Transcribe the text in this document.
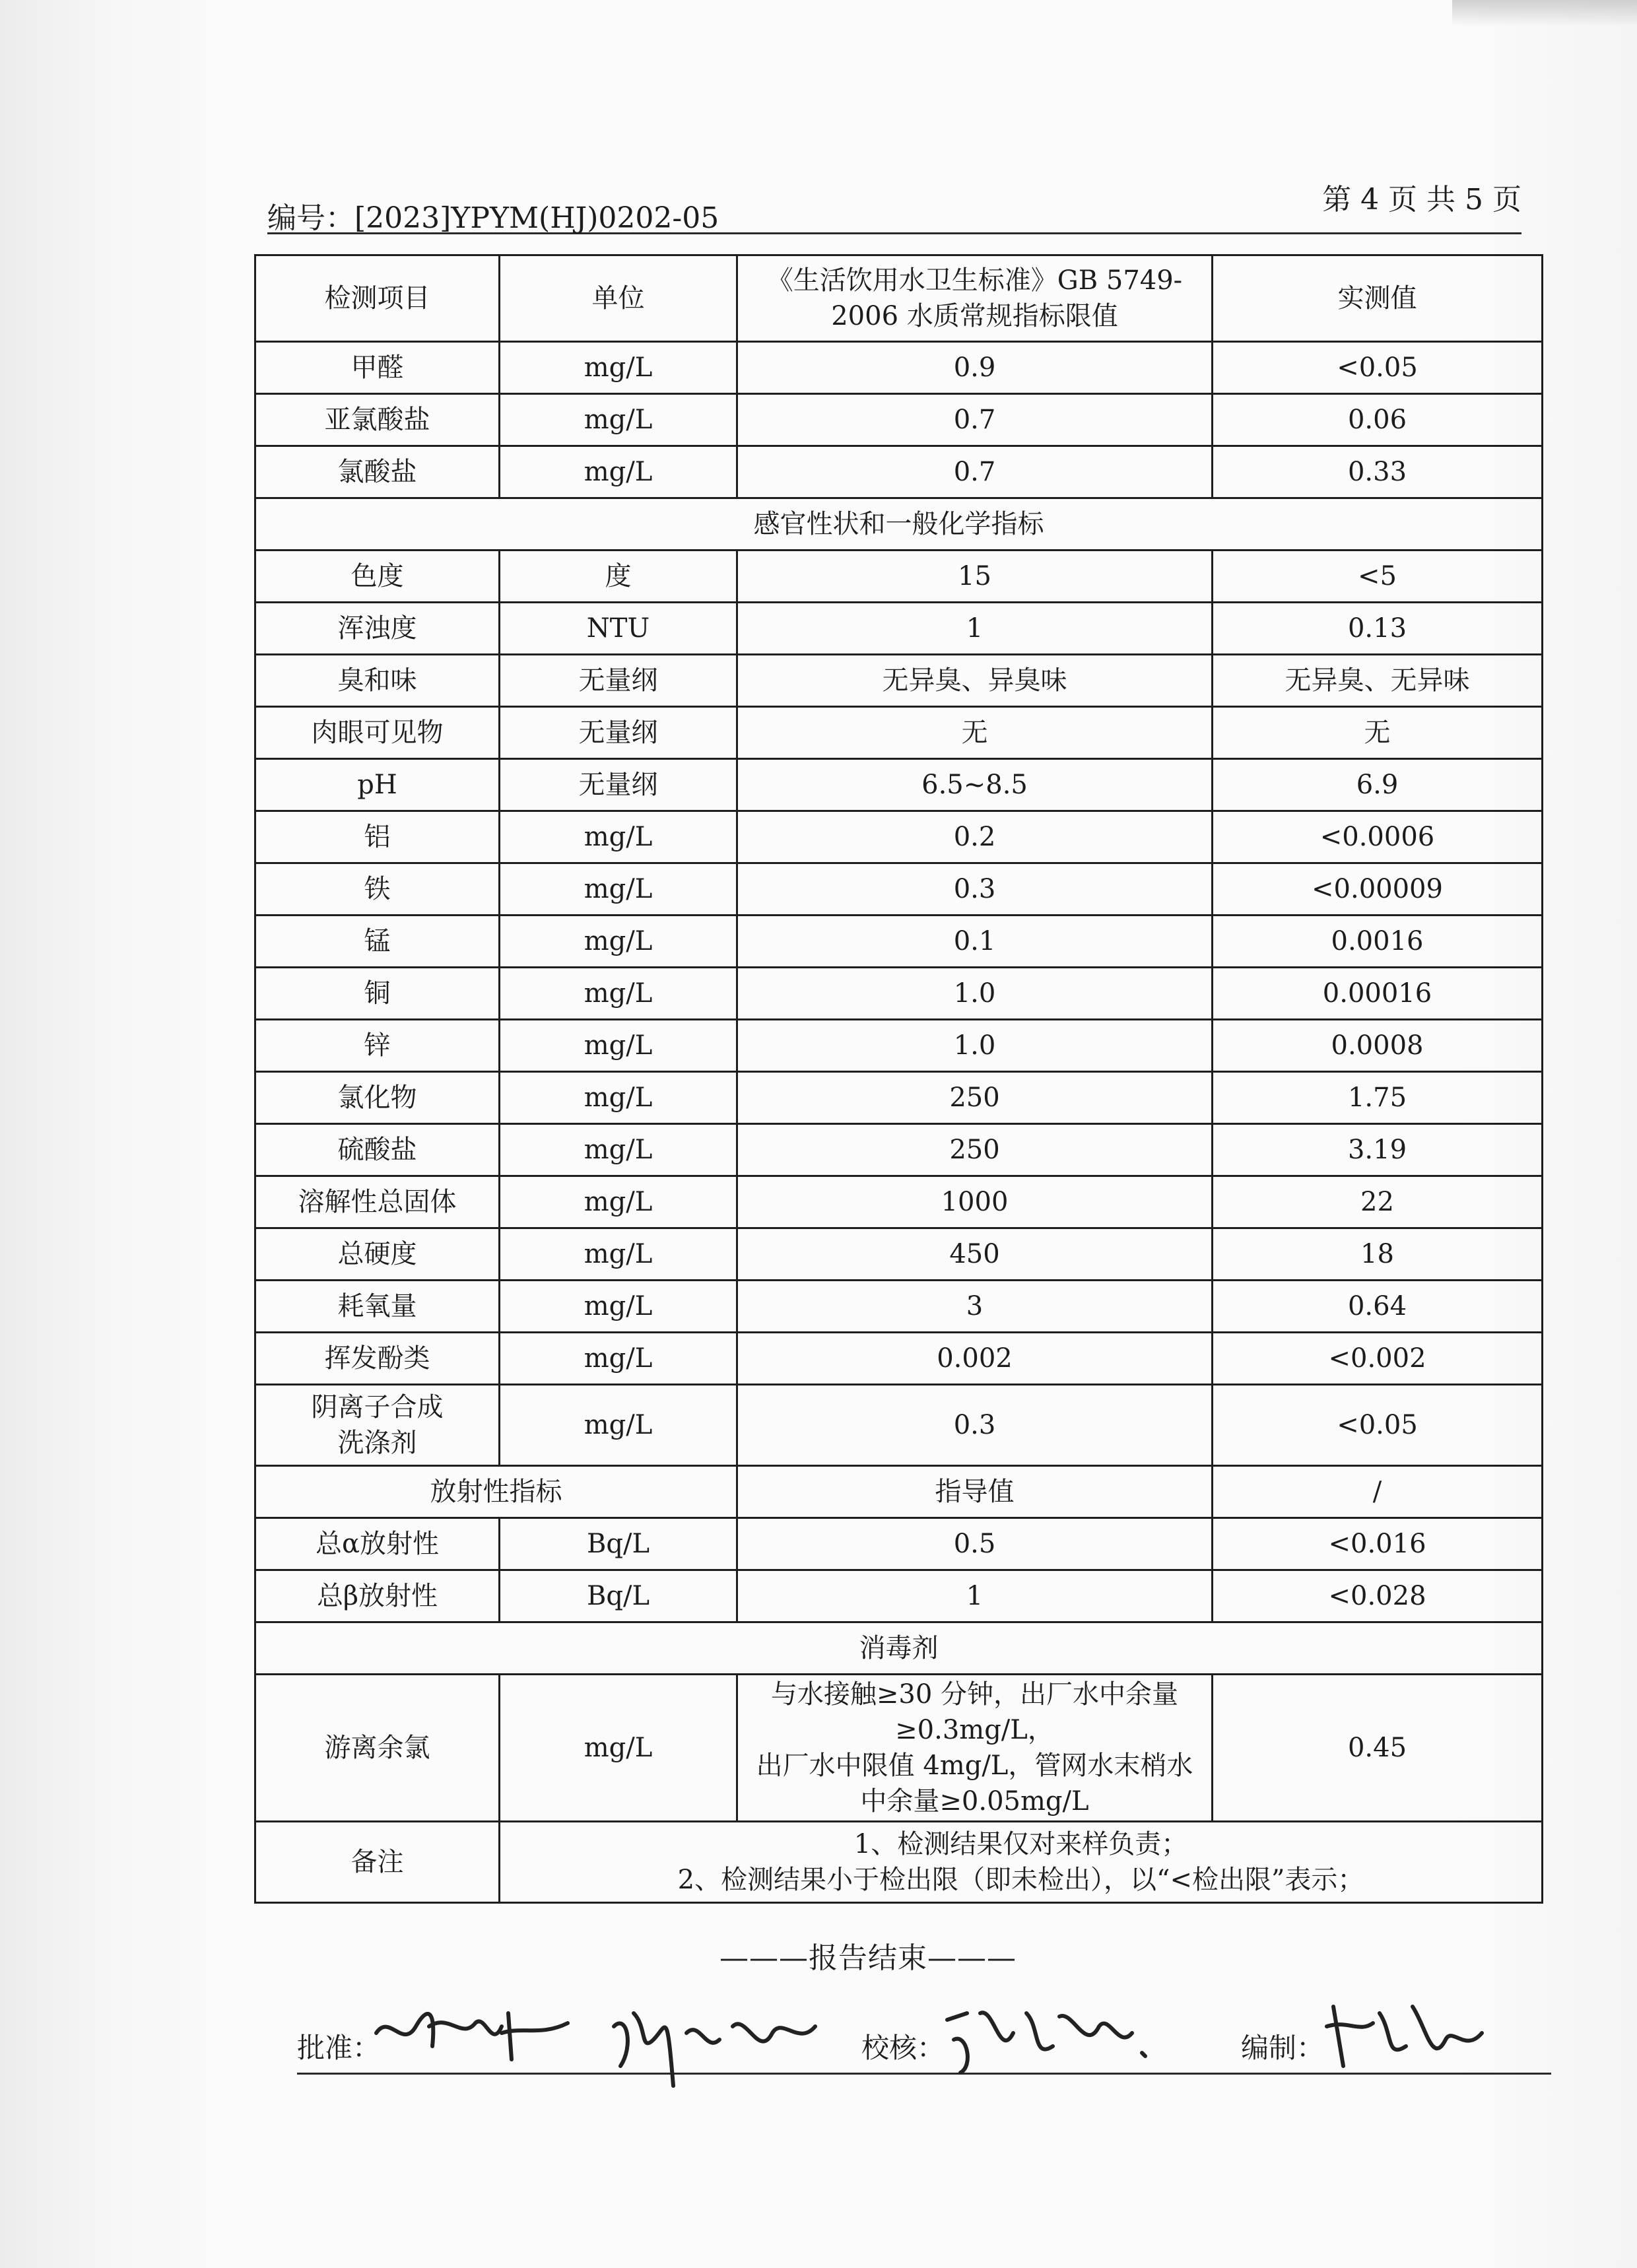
编号：[2023]YPYM(HJ)0202-05
第 4 页 共 5 页
检测项目	单位	《生活饮用水卫生标准》GB 5749-2006 水质常规指标限值	实测值
甲醛	mg/L	0.9	<0.05
亚氯酸盐	mg/L	0.7	0.06
氯酸盐	mg/L	0.7	0.33
感官性状和一般化学指标			
色度	度	15	<5
浑浊度	NTU	1	0.13
臭和味	无量纲	无异臭、异臭味	无异臭、无异味
肉眼可见物	无量纲	无	无
pH	无量纲	6.5~8.5	6.9
铝	mg/L	0.2	<0.0006
铁	mg/L	0.3	<0.00009
锰	mg/L	0.1	0.0016
铜	mg/L	1.0	0.00016
锌	mg/L	1.0	0.0008
氯化物	mg/L	250	1.75
硫酸盐	mg/L	250	3.19
溶解性总固体	mg/L	1000	22
总硬度	mg/L	450	18
耗氧量	mg/L	3	0.64
挥发酚类	mg/L	0.002	<0.002

阴离子合成
洗涤剂	mg/L	0.3	<0.05
放射性指标		指导值	/
总α放射性	Bq/L	0.5	<0.016
总β放射性	Bq/L	1	<0.028
消毒剂			
游离余氯	mg/L	与水接触≥30 分钟，出厂水中余量
≥0.3mg/L，
出厂水中限值 4mg/L，管网水末梢水
中余量≥0.05mg/L	0.45
备注	1、检测结果仅对来样负责；
2、检测结果小于检出限（即未检出），以“<检出限”表示；		
———报告结束———
批准：	校核：	编制：
